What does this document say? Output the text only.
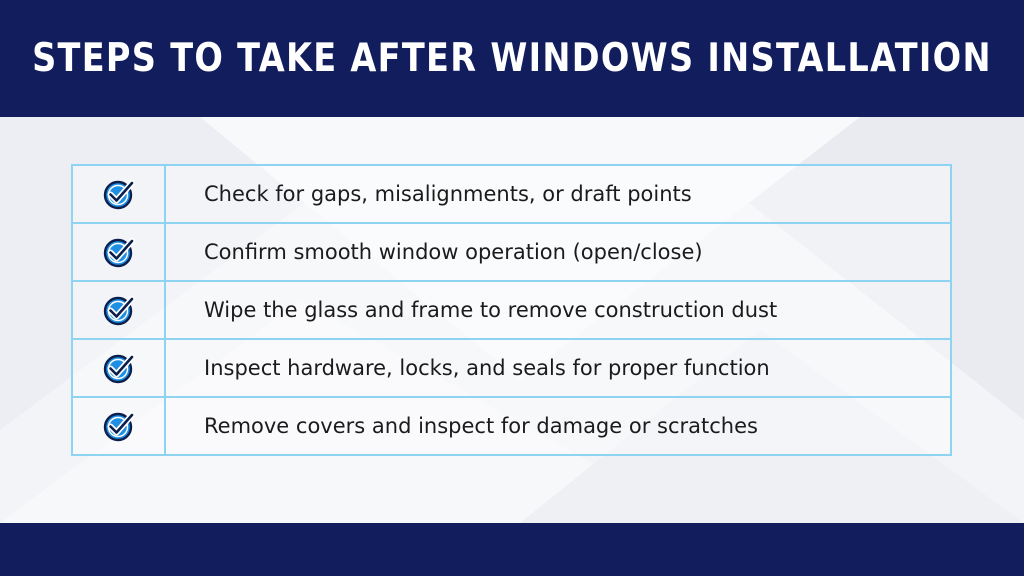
STEPS TO TAKE AFTER WINDOWS INSTALLATION
	Check for gaps, misalignments, or draft points
	Confirm smooth window operation (open/close)
	Wipe the glass and frame to remove construction dust
	Inspect hardware, locks, and seals for proper function
	Remove covers and inspect for damage or scratches
